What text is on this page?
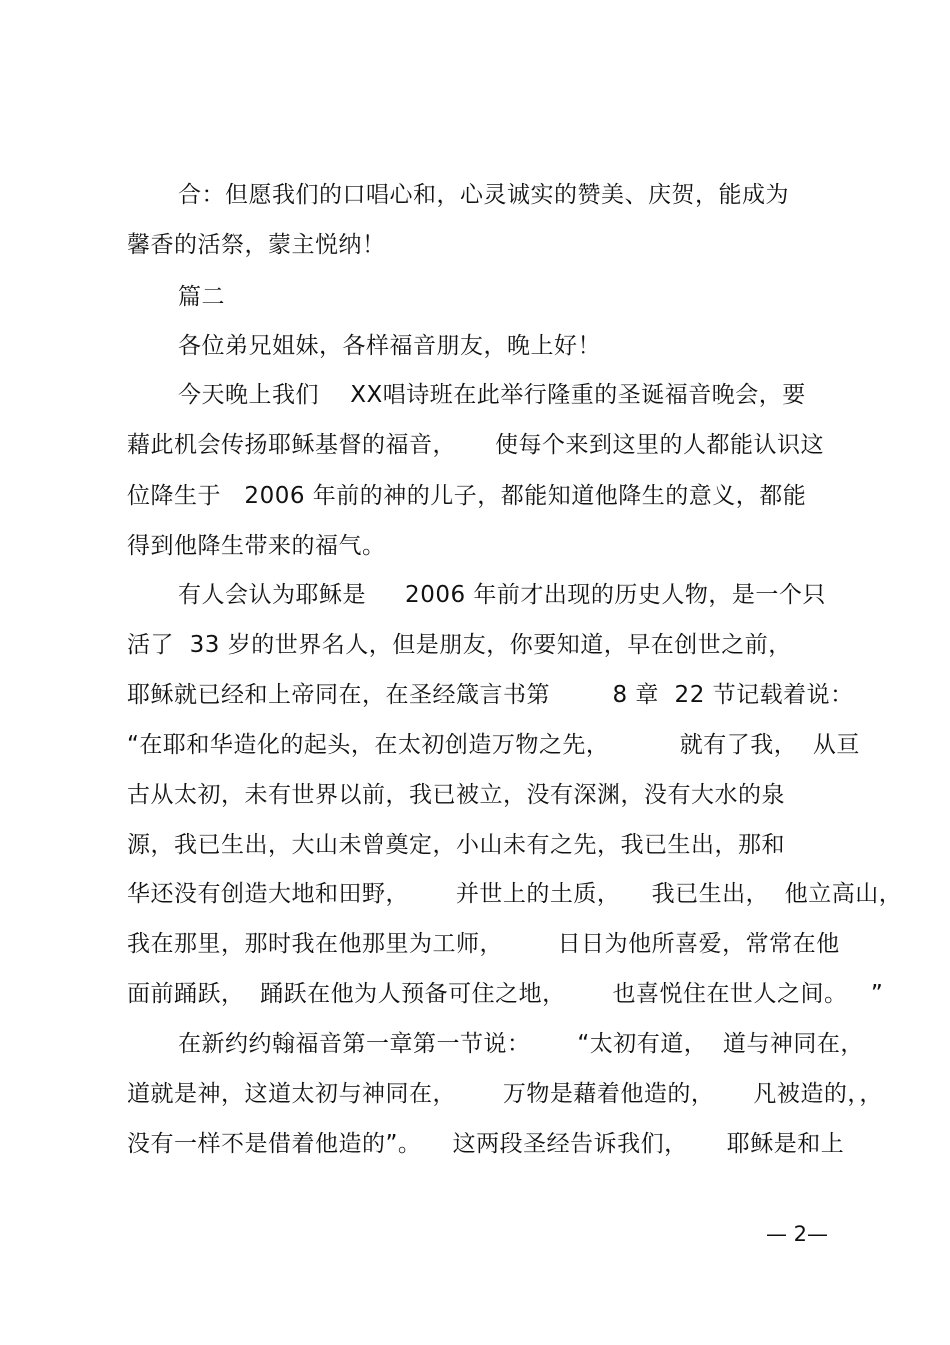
合：但愿我们的口唱心和，心灵诚实的赞美、庆贺，能成为
馨香的活祭，蒙主悦纳！
篇二
各位弟兄姐妹，各样福音朋友，晚上好！
今天晚上我们    XX唱诗班在此举行隆重的圣诞福音晚会，要
藉此机会传扬耶稣基督的福音，     使每个来到这里的人都能认识这
位降生于   2006 年前的神的儿子，都能知道他降生的意义，都能
得到他降生带来的福气。
有人会认为耶稣是     2006 年前才出现的历史人物，是一个只
活了  33 岁的世界名人，但是朋友，你要知道，早在创世之前，
耶稣就已经和上帝同在，在圣经箴言书第        8 章  22 节记载着说：
“在耶和华造化的起头，在太初创造万物之先，         就有了我，  从亘
古从太初，未有世界以前，我已被立，没有深渊，没有大水的泉
源，我已生出，大山未曾奠定，小山未有之先，我已生出，那和
华还没有创造大地和田野，      并世上的土质，    我已生出，  他立高山，
我在那里，那时我在他那里为工师，       日日为他所喜爱，常常在他
面前踊跃，  踊跃在他为人预备可住之地，      也喜悦住在世人之间。   ”
在新约约翰福音第一章第一节说：      “太初有道，  道与神同在，
道就是神，这道太初与神同在，      万物是藉着他造的，     凡被造的，，
没有一样不是借着他造的”。    这两段圣经告诉我们，     耶稣是和上
— 2—
